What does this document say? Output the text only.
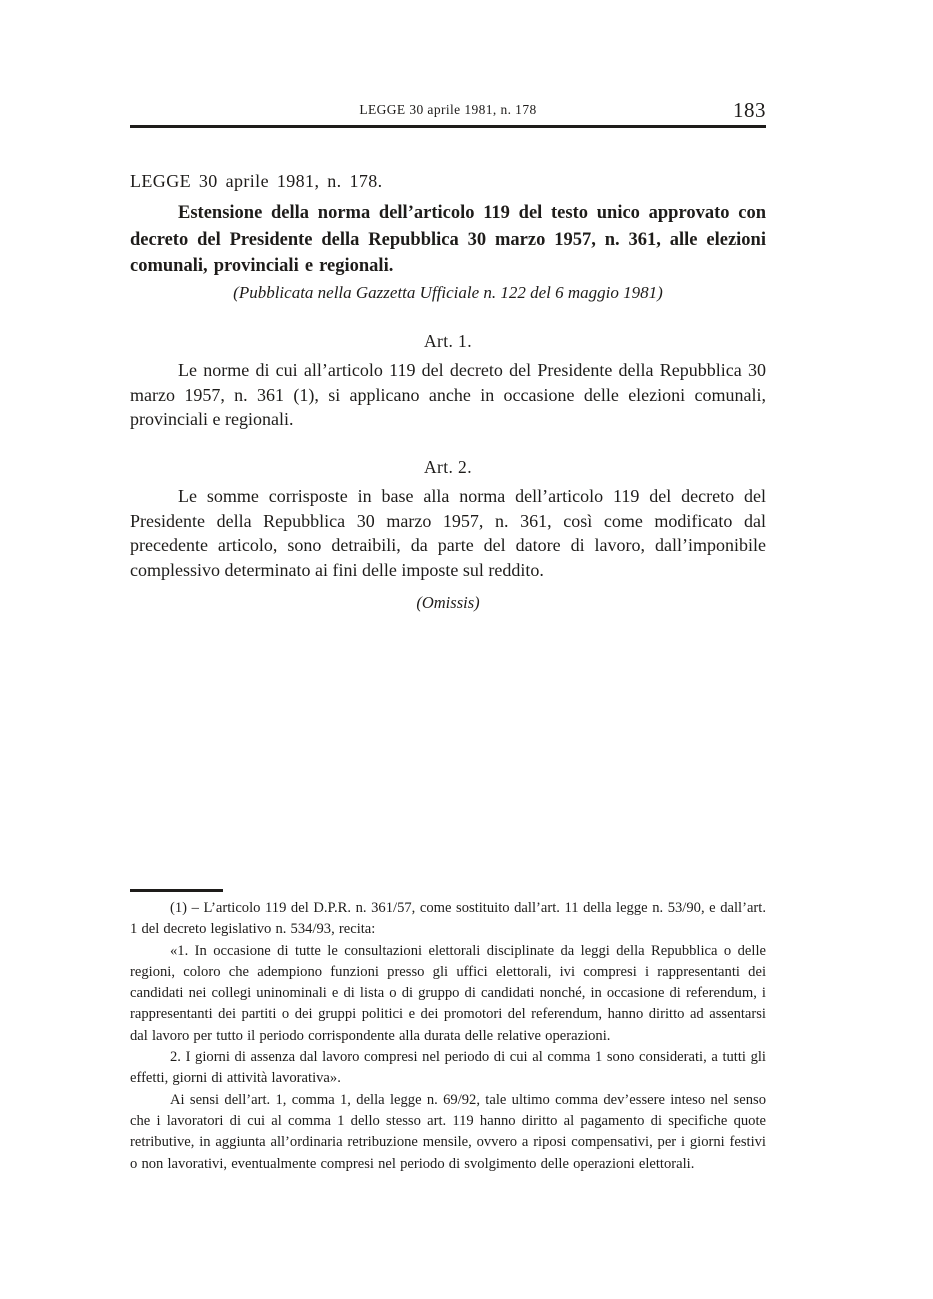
LEGGE 30 aprile 1981, n. 178	183
LEGGE 30 aprile 1981, n. 178.
Estensione della norma dell’articolo 119 del testo unico approvato con decreto del Presidente della Repubblica 30 marzo 1957, n. 361, alle elezioni comunali, provinciali e regionali.
(Pubblicata nella Gazzetta Ufficiale n. 122 del 6 maggio 1981)
Art. 1.
Le norme di cui all’articolo 119 del decreto del Presidente della Repubblica 30 marzo 1957, n. 361 (1), si applicano anche in occasione delle elezioni comunali, provinciali e regionali.
Art. 2.
Le somme corrisposte in base alla norma dell’articolo 119 del decreto del Presidente della Repubblica 30 marzo 1957, n. 361, così come modificato dal precedente articolo, sono detraibili, da parte del datore di lavoro, dall’imponibile complessivo determinato ai fini delle imposte sul reddito.
(Omissis)

(1) – L’articolo 119 del D.P.R. n. 361/57, come sostituito dall’art. 11 della legge n. 53/90, e dall’art. 1 del decreto legislativo n. 534/93, recita:

«1. In occasione di tutte le consultazioni elettorali disciplinate da leggi della Repubblica o delle regioni, coloro che adempiono funzioni presso gli uffici elettorali, ivi compresi i rappresentanti dei candidati nei collegi uninominali e di lista o di gruppo di candidati nonché, in occasione di referendum, i rappresentanti dei partiti o dei gruppi politici e dei promotori del referendum, hanno diritto ad assentarsi dal lavoro per tutto il periodo corrispondente alla durata delle relative operazioni.

2. I giorni di assenza dal lavoro compresi nel periodo di cui al comma 1 sono considerati, a tutti gli effetti, giorni di attività lavorativa».

Ai sensi dell’art. 1, comma 1, della legge n. 69/92, tale ultimo comma dev’essere inteso nel senso che i lavoratori di cui al comma 1 dello stesso art. 119 hanno diritto al pagamento di specifiche quote retributive, in aggiunta all’ordinaria retribuzione mensile, ovvero a riposi compensativi, per i giorni festivi o non lavorativi, eventualmente compresi nel periodo di svolgimento delle operazioni elettorali.
